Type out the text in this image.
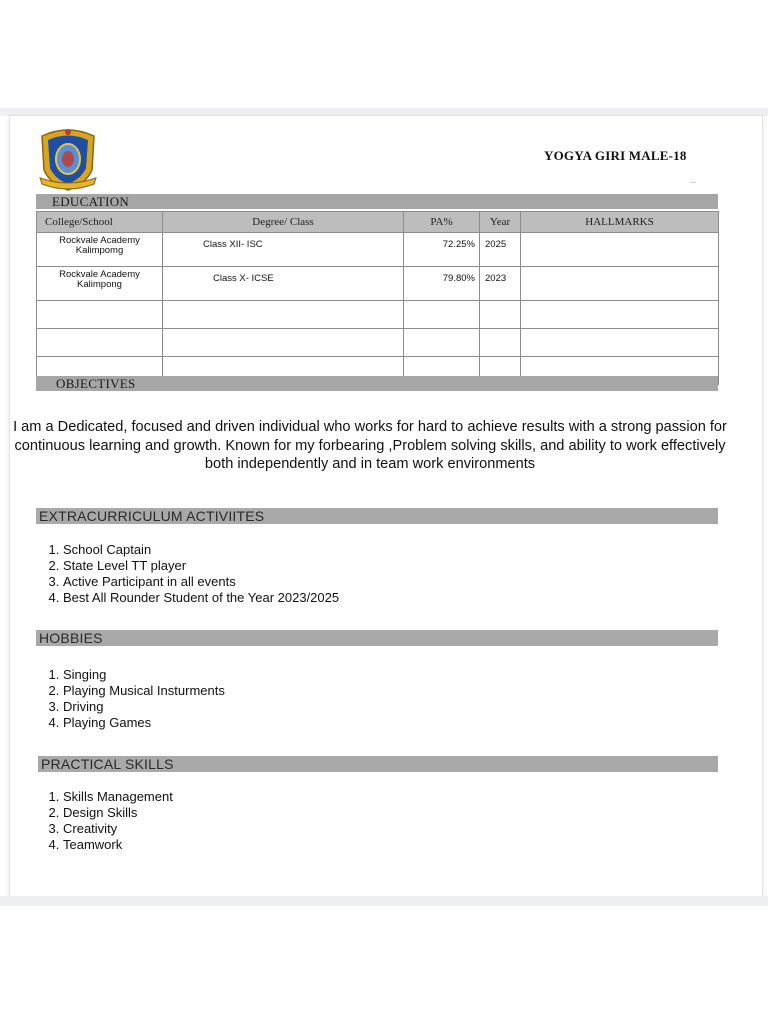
YOGYA GIRI MALE-18
EDUCATION
College/School	Degree/ Class	PA%	Year	HALLMARKS
Rockvale Academy Kalimpomg	Class XII- ISC	72.25%	2025	
Rockvale Academy Kalimpong	Class X- ICSE	79.80%	2023	

OBJECTIVES
I am a Dedicated, focused and driven individual who works for hard to achieve results with a strong passion for continuous learning and growth. Known for my forbearing ,Problem solving skills, and ability to work effectively both independently and in team work environments
EXTRACURRICULUM ACTIVIITES
1. School Captain
2. State Level TT player
3. Active Participant in all events
4. Best All Rounder Student of the Year 2023/2025
HOBBIES
1. Singing
2. Playing Musical Insturments
3. Driving
4. Playing Games
PRACTICAL SKILLS
1. Skills Management
2. Design Skills
3. Creativity
4. Teamwork
